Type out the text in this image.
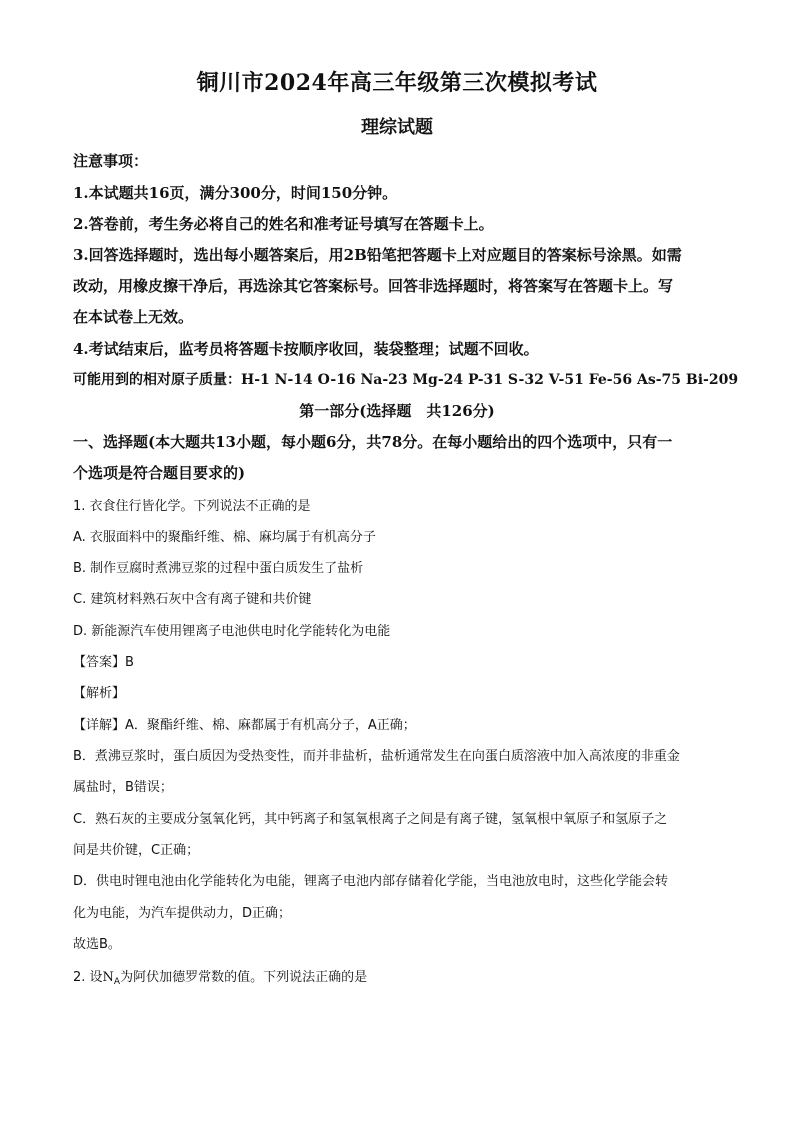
铜川市2024年高三年级第三次模拟考试
理综试题
注意事项：
1.本试题共16页，满分300分，时间150分钟。
2.答卷前，考生务必将自己的姓名和准考证号填写在答题卡上。
3.回答选择题时，选出每小题答案后，用2B铅笔把答题卡上对应题目的答案标号涂黑。如需
改动，用橡皮擦干净后，再选涂其它答案标号。回答非选择题时，将答案写在答题卡上。写
在本试卷上无效。
4.考试结束后，监考员将答题卡按顺序收回，装袋整理；试题不回收。
可能用到的相对原子质量：H-1 N-14 O-16 Na-23 Mg-24 P-31 S-32 V-51 Fe-56 As-75 Bi-209
第一部分(选择题　共126分)
一、选择题(本大题共13小题，每小题6分，共78分。在每小题给出的四个选项中，只有一
个选项是符合题目要求的)
1. 衣食住行皆化学。下列说法不正确的是
A. 衣服面料中的聚酯纤维、棉、麻均属于有机高分子
B. 制作豆腐时煮沸豆浆的过程中蛋白质发生了盐析
C. 建筑材料熟石灰中含有离子键和共价键
D. 新能源汽车使用锂离子电池供电时化学能转化为电能
【答案】B
【解析】
【详解】A．聚酯纤维、棉、麻都属于有机高分子，A正确；
B．煮沸豆浆时，蛋白质因为受热变性，而并非盐析，盐析通常发生在向蛋白质溶液中加入高浓度的非重金
属盐时，B错误；
C．熟石灰的主要成分氢氧化钙，其中钙离子和氢氧根离子之间是有离子键，氢氧根中氧原子和氢原子之
间是共价键，C正确；
D．供电时锂电池由化学能转化为电能，锂离子电池内部存储着化学能，当电池放电时，这些化学能会转
化为电能，为汽车提供动力，D正确；
故选B。
2. 设$N_A$为阿伏加德罗常数的值。下列说法正确的是
